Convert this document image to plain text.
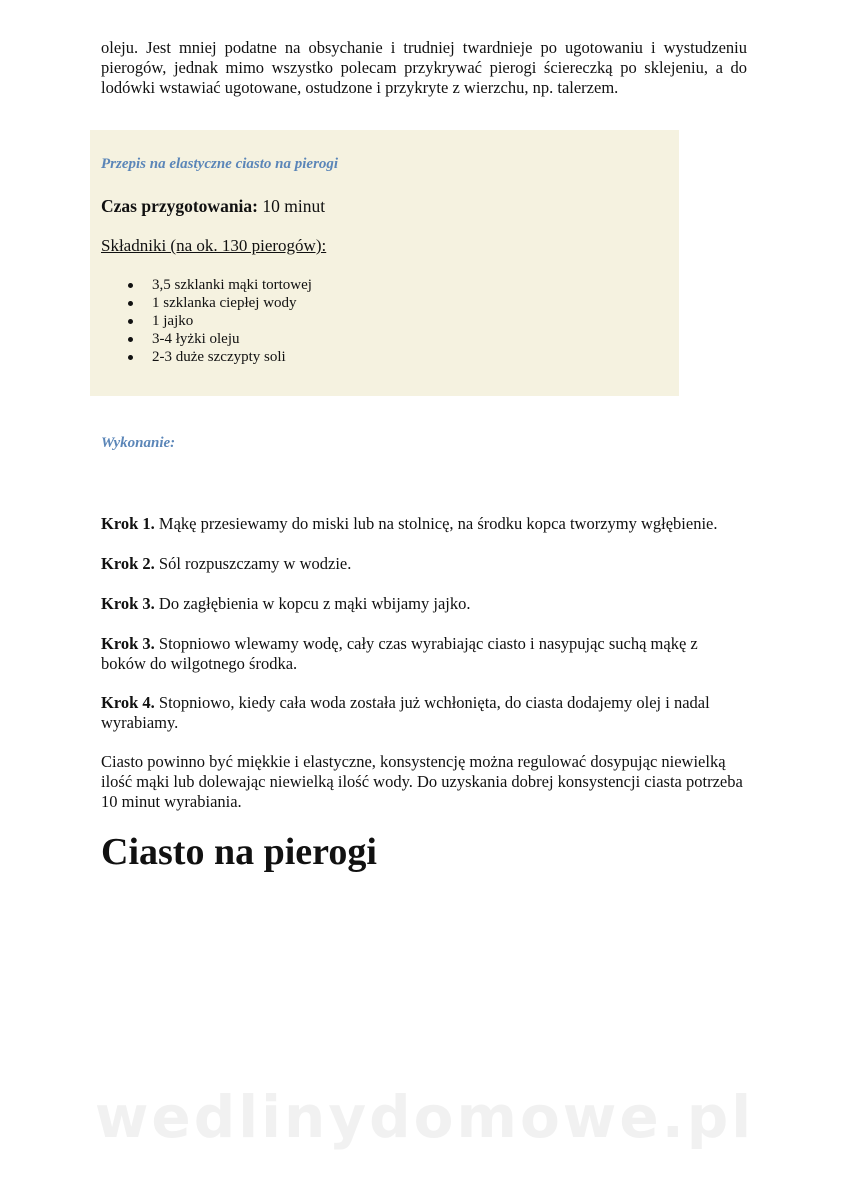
oleju. Jest mniej podatne na obsychanie i trudniej twardnieje po ugotowaniu i wystudzeniu pierogów, jednak mimo wszystko polecam przykrywać pierogi ściereczką po sklejeniu, a do lodówki wstawiać ugotowane, ostudzone i przykryte z wierzchu, np. talerzem.

Przepis na elastyczne ciasto na pierogi

Czas przygotowania: 10 minut

Składniki (na ok. 130 pierogów):

3,5 szklanki mąki tortowej
1 szklanka ciepłej wody
1 jajko
3-4 łyżki oleju
2-3 duże szczypty soli

Wykonanie:

Krok 1. Mąkę przesiewamy do miski lub na stolnicę, na środku kopca tworzymy wgłębienie.

Krok 2. Sól rozpuszczamy w wodzie.

Krok 3. Do zagłębienia w kopcu z mąki wbijamy jajko.

Krok 3. Stopniowo wlewamy wodę, cały czas wyrabiając ciasto i nasypując suchą mąkę z boków do wilgotnego środka.

Krok 4. Stopniowo, kiedy cała woda została już wchłonięta, do ciasta dodajemy olej i nadal wyrabiamy.

Ciasto powinno być miękkie i elastyczne, konsystencję można regulować dosypując niewielką ilość mąki lub dolewając niewielką ilość wody. Do uzyskania dobrej konsystencji ciasta potrzeba 10 minut wyrabiania.

Ciasto na pierogi

wedlinydomowe.pl
